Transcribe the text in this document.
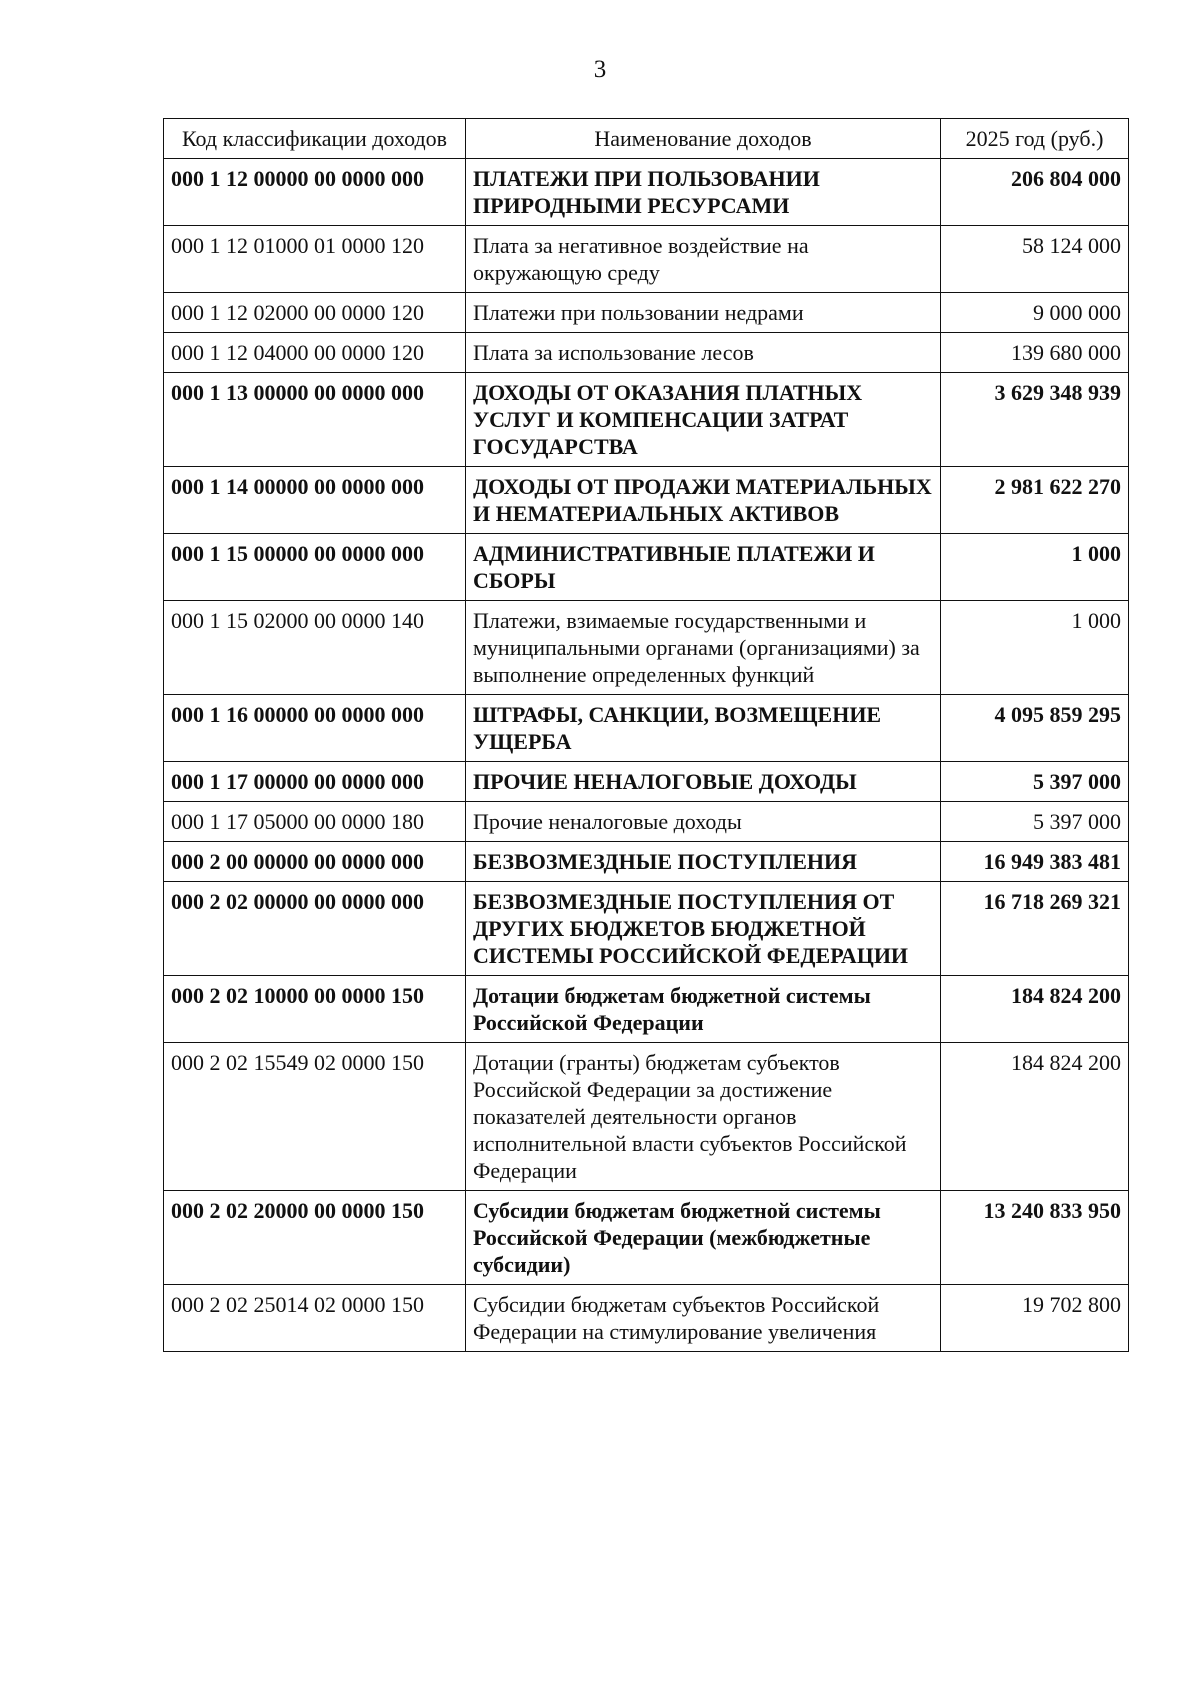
3
Код классификации доходов	Наименование доходов	2025 год (руб.)
000 1 12 00000 00 0000 000	ПЛАТЕЖИ ПРИ ПОЛЬЗОВАНИИ ПРИРОДНЫМИ РЕСУРСАМИ	206 804 000
000 1 12 01000 01 0000 120	Плата за негативное воздействие на окружающую среду	58 124 000
000 1 12 02000 00 0000 120	Платежи при пользовании недрами	9 000 000
000 1 12 04000 00 0000 120	Плата за использование лесов	139 680 000
000 1 13 00000 00 0000 000	ДОХОДЫ ОТ ОКАЗАНИЯ ПЛАТНЫХ УСЛУГ И КОМПЕНСАЦИИ ЗАТРАТ ГОСУДАРСТВА	3 629 348 939
000 1 14 00000 00 0000 000	ДОХОДЫ ОТ ПРОДАЖИ МАТЕРИАЛЬНЫХ И НЕМАТЕРИАЛЬНЫХ АКТИВОВ	2 981 622 270
000 1 15 00000 00 0000 000	АДМИНИСТРАТИВНЫЕ ПЛАТЕЖИ И СБОРЫ	1 000
000 1 15 02000 00 0000 140	Платежи, взимаемые государственными и муниципальными органами (организациями) за выполнение определенных функций	1 000
000 1 16 00000 00 0000 000	ШТРАФЫ, САНКЦИИ, ВОЗМЕЩЕНИЕ УЩЕРБА	4 095 859 295
000 1 17 00000 00 0000 000	ПРОЧИЕ НЕНАЛОГОВЫЕ ДОХОДЫ	5 397 000
000 1 17 05000 00 0000 180	Прочие неналоговые доходы	5 397 000
000 2 00 00000 00 0000 000	БЕЗВОЗМЕЗДНЫЕ ПОСТУПЛЕНИЯ	16 949 383 481
000 2 02 00000 00 0000 000	БЕЗВОЗМЕЗДНЫЕ ПОСТУПЛЕНИЯ ОТ ДРУГИХ БЮДЖЕТОВ БЮДЖЕТНОЙ СИСТЕМЫ РОССИЙСКОЙ ФЕДЕРАЦИИ	16 718 269 321
000 2 02 10000 00 0000 150	Дотации бюджетам бюджетной системы Российской Федерации	184 824 200
000 2 02 15549 02 0000 150	Дотации (гранты) бюджетам субъектов Российской Федерации за достижение показателей деятельности органов исполнительной власти субъектов Российской Федерации	184 824 200
000 2 02 20000 00 0000 150	Субсидии бюджетам бюджетной системы Российской Федерации (межбюджетные субсидии)	13 240 833 950
000 2 02 25014 02 0000 150	Субсидии бюджетам субъектов Российской Федерации на стимулирование увеличения	19 702 800
